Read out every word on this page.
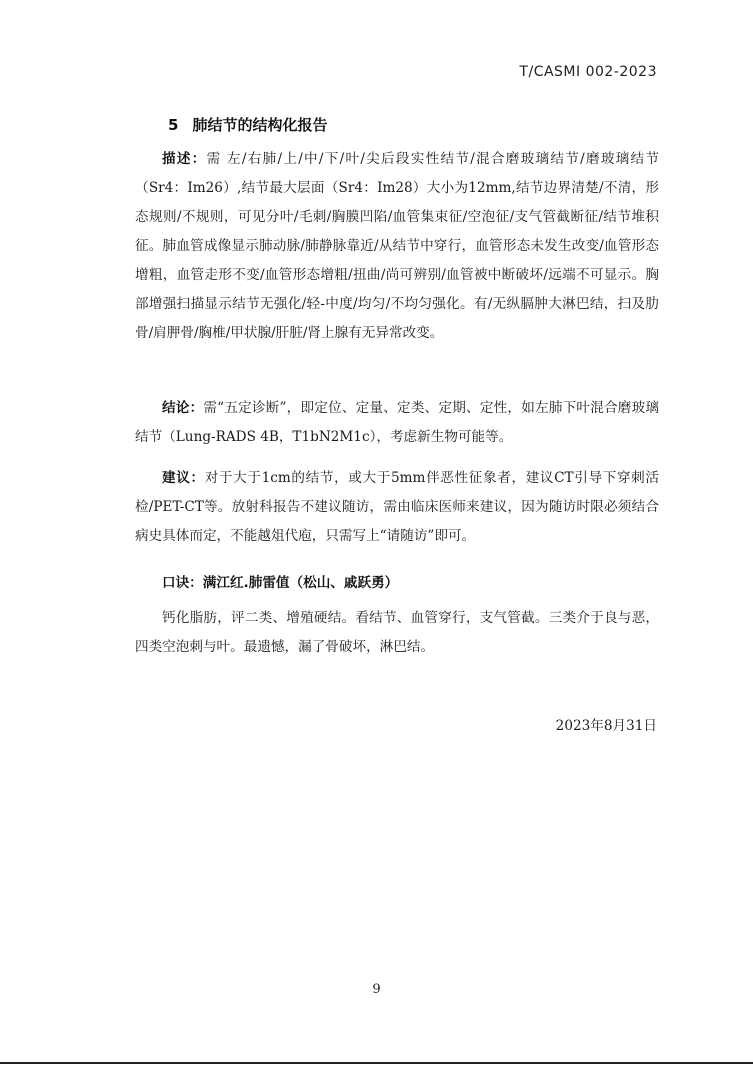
T/CASMI 002-2023
5 肺结节的结构化报告
描述：需 左/右肺/上/中/下/叶/尖后段实性结节/混合磨玻璃结节/磨玻璃结节（Sr4：Im26）,结节最大层面（Sr4：Im28）大小为12mm,结节边界清楚/不清，形态规则/不规则，可见分叶/毛刺/胸膜凹陷/血管集束征/空泡征/支气管截断征/结节堆积征。肺血管成像显示肺动脉/肺静脉靠近/从结节中穿行，血管形态未发生改变/血管形态增粗，血管走形不变/血管形态增粗/扭曲/尚可辨别/血管被中断破坏/远端不可显示。胸部增强扫描显示结节无强化/轻-中度/均匀/不均匀强化。有/无纵膈肿大淋巴结，扫及肋骨/肩胛骨/胸椎/甲状腺/肝脏/肾上腺有无异常改变。
结论：需“五定诊断”，即定位、定量、定类、定期、定性，如左肺下叶混合磨玻璃结节（Lung-RADS 4B，T1bN2M1c），考虑新生物可能等。
建议：对于大于1cm的结节，或大于5mm伴恶性征象者，建议CT引导下穿刺活检/PET-CT等。放射科报告不建议随访，需由临床医师来建议，因为随访时限必须结合病史具体而定，不能越俎代庖，只需写上“请随访”即可。
口诀：满江红.肺雷值（松山、戚跃勇）
钙化脂肪，评二类、增殖硬结。看结节、血管穿行，支气管截。三类介于良与恶，四类空泡刺与叶。最遗憾，漏了骨破坏，淋巴结。
2023年8月31日
9
